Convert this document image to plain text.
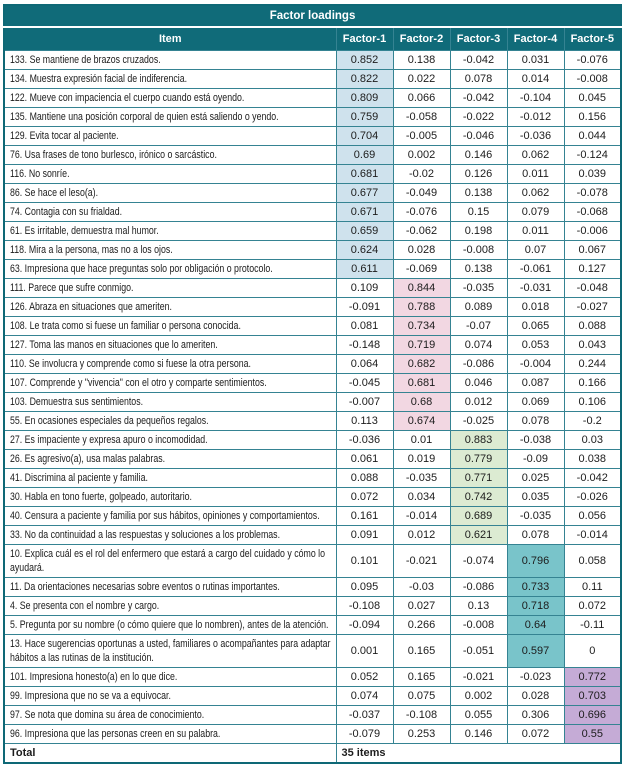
Factor loadings					
Item	Factor-1	Factor-2	Factor-3	Factor-4	Factor-5
133. Se mantiene de brazos cruzados.	0.852	0.138	-0.042	0.031	-0.076
134. Muestra expresión facial de indiferencia.	0.822	0.022	0.078	0.014	-0.008
122. Mueve con impaciencia el cuerpo cuando está oyendo.	0.809	0.066	-0.042	-0.104	0.045
135. Mantiene una posición corporal de quien está saliendo o yendo.	0.759	-0.058	-0.022	-0.012	0.156
129. Evita tocar al paciente.	0.704	-0.005	-0.046	-0.036	0.044
76. Usa frases de tono burlesco, irónico o sarcástico.	0.69	0.002	0.146	0.062	-0.124
116. No sonríe.	0.681	-0.02	0.126	0.011	0.039
86. Se hace el leso(a).	0.677	-0.049	0.138	0.062	-0.078
74. Contagia con su frialdad.	0.671	-0.076	0.15	0.079	-0.068
61. Es irritable, demuestra mal humor.	0.659	-0.062	0.198	0.011	-0.006
118. Mira a la persona, mas no a los ojos.	0.624	0.028	-0.008	0.07	0.067
63. Impresiona que hace preguntas solo por obligación o protocolo.	0.611	-0.069	0.138	-0.061	0.127
111. Parece que sufre conmigo.	0.109	0.844	-0.035	-0.031	-0.048
126. Abraza en situaciones que ameriten.	-0.091	0.788	0.089	0.018	-0.027
108. Le trata como si fuese un familiar o persona conocida.	0.081	0.734	-0.07	0.065	0.088
127. Toma las manos en situaciones que lo ameriten.	-0.148	0.719	0.074	0.053	0.043
110. Se involucra y comprende como si fuese la otra persona.	0.064	0.682	-0.086	-0.004	0.244
107. Comprende y "vivencia" con el otro y comparte sentimientos.	-0.045	0.681	0.046	0.087	0.166
103. Demuestra sus sentimientos.	-0.007	0.68	0.012	0.069	0.106
55. En ocasiones especiales da pequeños regalos.	0.113	0.674	-0.025	0.078	-0.2
27. Es impaciente y expresa apuro o incomodidad.	-0.036	0.01	0.883	-0.038	0.03
26. Es agresivo(a), usa malas palabras.	0.061	0.019	0.779	-0.09	0.038
41. Discrimina al paciente y familia.	0.088	-0.035	0.771	0.025	-0.042
30. Habla en tono fuerte, golpeado, autoritario.	0.072	0.034	0.742	0.035	-0.026
40. Censura a paciente y familia por sus hábitos, opiniones y comportamientos.	0.161	-0.014	0.689	-0.035	0.056
33. No da continuidad a las respuestas y soluciones a los problemas.	0.091	0.012	0.621	0.078	-0.014
10. Explica cuál es el rol del enfermero que estará a cargo del cuidado y cómo lo ayudará.	0.101	-0.021	-0.074	0.796	0.058
11. Da orientaciones necesarias sobre eventos o rutinas importantes.	0.095	-0.03	-0.086	0.733	0.11
4. Se presenta con el nombre y cargo.	-0.108	0.027	0.13	0.718	0.072
5. Pregunta por su nombre (o cómo quiere que lo nombren), antes de la atención.	-0.094	0.266	-0.008	0.64	-0.11
13. Hace sugerencias oportunas a usted, familiares o acompañantes para adaptar hábitos a las rutinas de la institución.	0.001	0.165	-0.051	0.597	0
101. Impresiona honesto(a) en lo que dice.	0.052	0.165	-0.021	-0.023	0.772
99. Impresiona que no se va a equivocar.	0.074	0.075	0.002	0.028	0.703
97. Se nota que domina su área de conocimiento.	-0.037	-0.108	0.055	0.306	0.696
96. Impresiona que las personas creen en su palabra.	-0.079	0.253	0.146	0.072	0.55
Total	35 items				
